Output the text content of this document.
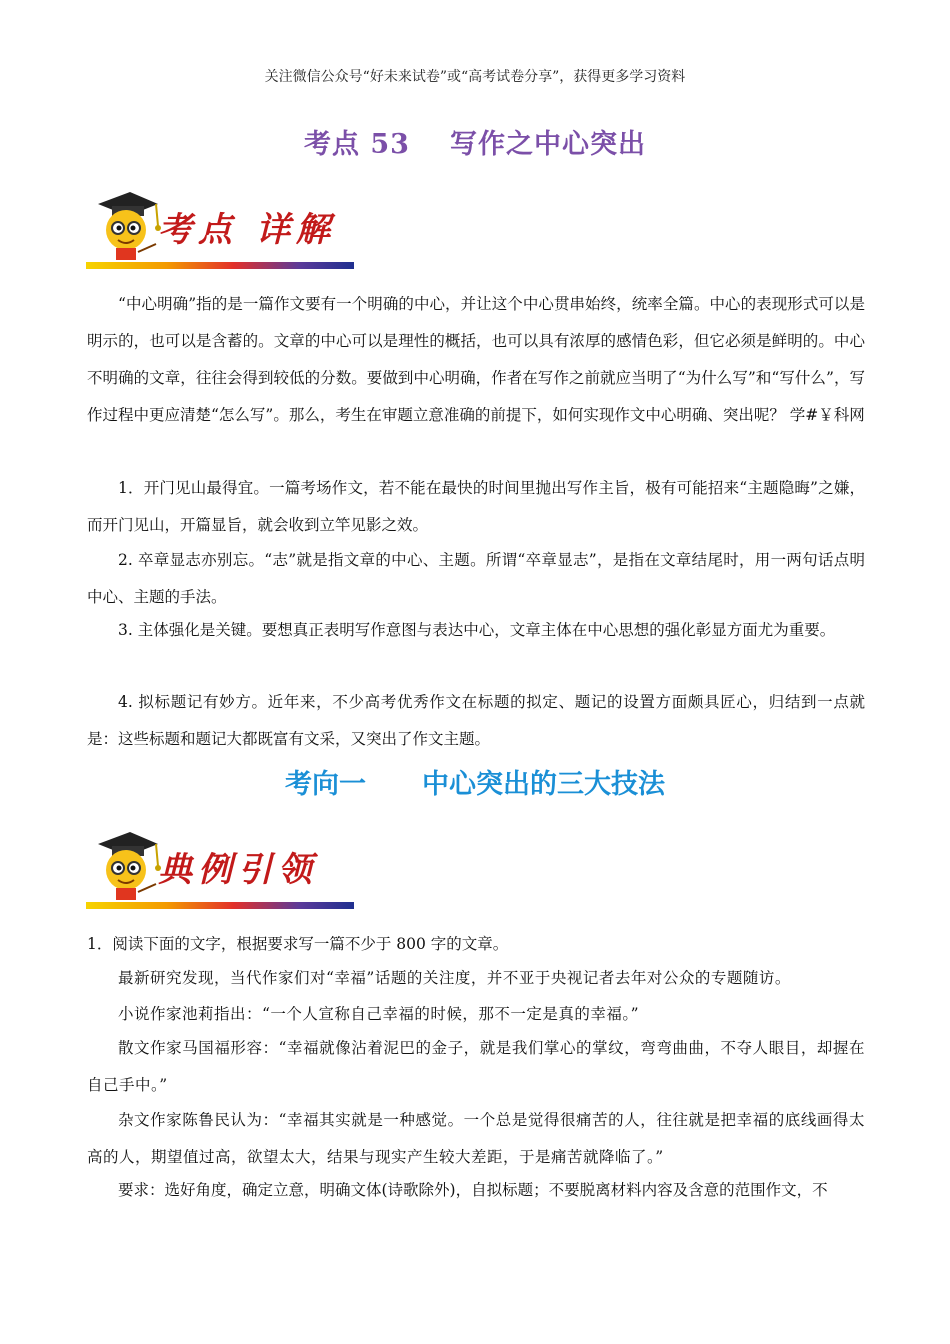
关注微信公众号“好未来试卷”或“高考试卷分享”，获得更多学习资料
考点 53 写作之中心突出
考点 详解
“中心明确”指的是一篇作文要有一个明确的中心，并让这个中心贯串始终，统率全篇。中心的表现形式可以是明示的，也可以是含蓄的。文章的中心可以是理性的概括，也可以具有浓厚的感情色彩，但它必须是鲜明的。中心不明确的文章，往往会得到较低的分数。要做到中心明确，作者在写作之前就应当明了“为什么写”和“写什么”，写作过程中更应清楚“怎么写”。那么，考生在审题立意准确的前提下，如何实现作文中心明确、突出呢？ 学#￥科网
1．开门见山最得宜。一篇考场作文，若不能在最快的时间里抛出写作主旨，极有可能招来“主题隐晦”之嫌，而开门见山，开篇显旨，就会收到立竿见影之效。
2. 卒章显志亦别忘。“志”就是指文章的中心、主题。所谓“卒章显志”，是指在文章结尾时，用一两句话点明中心、主题的手法。
3. 主体强化是关键。要想真正表明写作意图与表达中心，文章主体在中心思想的强化彰显方面尤为重要。
4. 拟标题记有妙方。近年来，不少高考优秀作文在标题的拟定、题记的设置方面颇具匠心，归结到一点就是：这些标题和题记大都既富有文采，又突出了作文主题。
考向一 中心突出的三大技法
典例引领
1．阅读下面的文字，根据要求写一篇不少于 800 字的文章。
最新研究发现，当代作家们对“幸福”话题的关注度，并不亚于央视记者去年对公众的专题随访。
小说作家池莉指出：“一个人宣称自己幸福的时候，那不一定是真的幸福。”
散文作家马国福形容：“幸福就像沾着泥巴的金子，就是我们掌心的掌纹，弯弯曲曲，不夺人眼目，却握在自己手中。”
杂文作家陈鲁民认为：“幸福其实就是一种感觉。一个总是觉得很痛苦的人，往往就是把幸福的底线画得太高的人，期望值过高，欲望太大，结果与现实产生较大差距，于是痛苦就降临了。”
要求：选好角度，确定立意，明确文体(诗歌除外)，自拟标题；不要脱离材料内容及含意的范围作文，不
